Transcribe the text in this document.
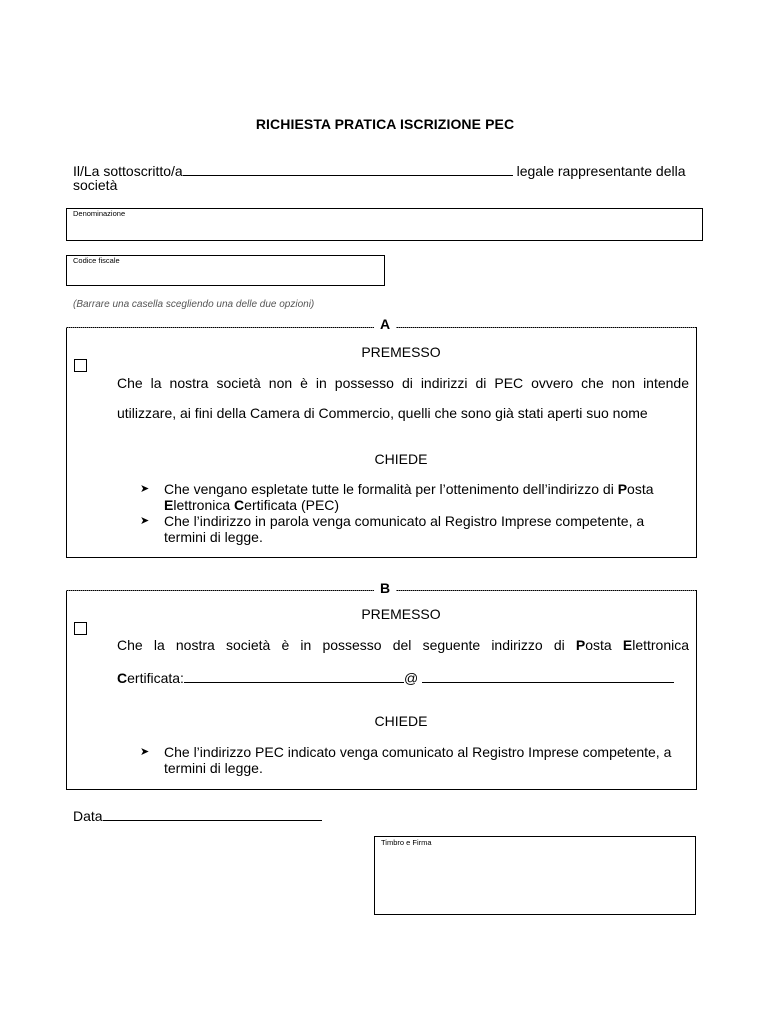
RICHIESTA PRATICA ISCRIZIONE PEC
Il/La sottoscritto/a	legale rappresentante della
società
Denominazione
Codice fiscale
(Barrare una casella scegliendo una delle due opzioni)
A
PREMESSO
Che la nostra società non è in possesso di indirizzi di PEC ovvero che non intende
utilizzare, ai fini della Camera di Commercio, quelli che sono già stati aperti suo nome
CHIEDE
➤ Che vengano espletate tutte le formalità per l’ottenimento dell’indirizzo di Posta
Elettronica Certificata (PEC)
➤ Che l’indirizzo in parola venga comunicato al Registro Imprese competente, a
termini di legge.
B
PREMESSO
Che la nostra società è in possesso del seguente indirizzo di Posta Elettronica
Certificata:	@
CHIEDE
➤ Che l’indirizzo PEC indicato venga comunicato al Registro Imprese competente, a
termini di legge.
Data
Timbro e Firma
